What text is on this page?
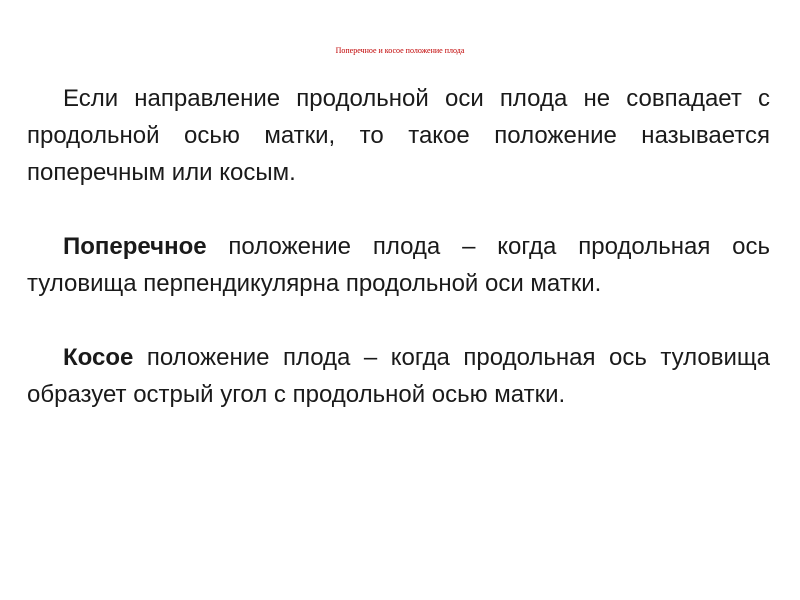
Поперечное и косое положение плода

Если направление продольной оси плода не совпадает с продольной осью матки, то такое положение называется поперечным или косым.

Поперечное положение плода – когда продольная ось туловища перпендикулярна продольной оси матки.

Косое положение плода – когда продольная ось туловища образует острый угол с продольной осью матки.
